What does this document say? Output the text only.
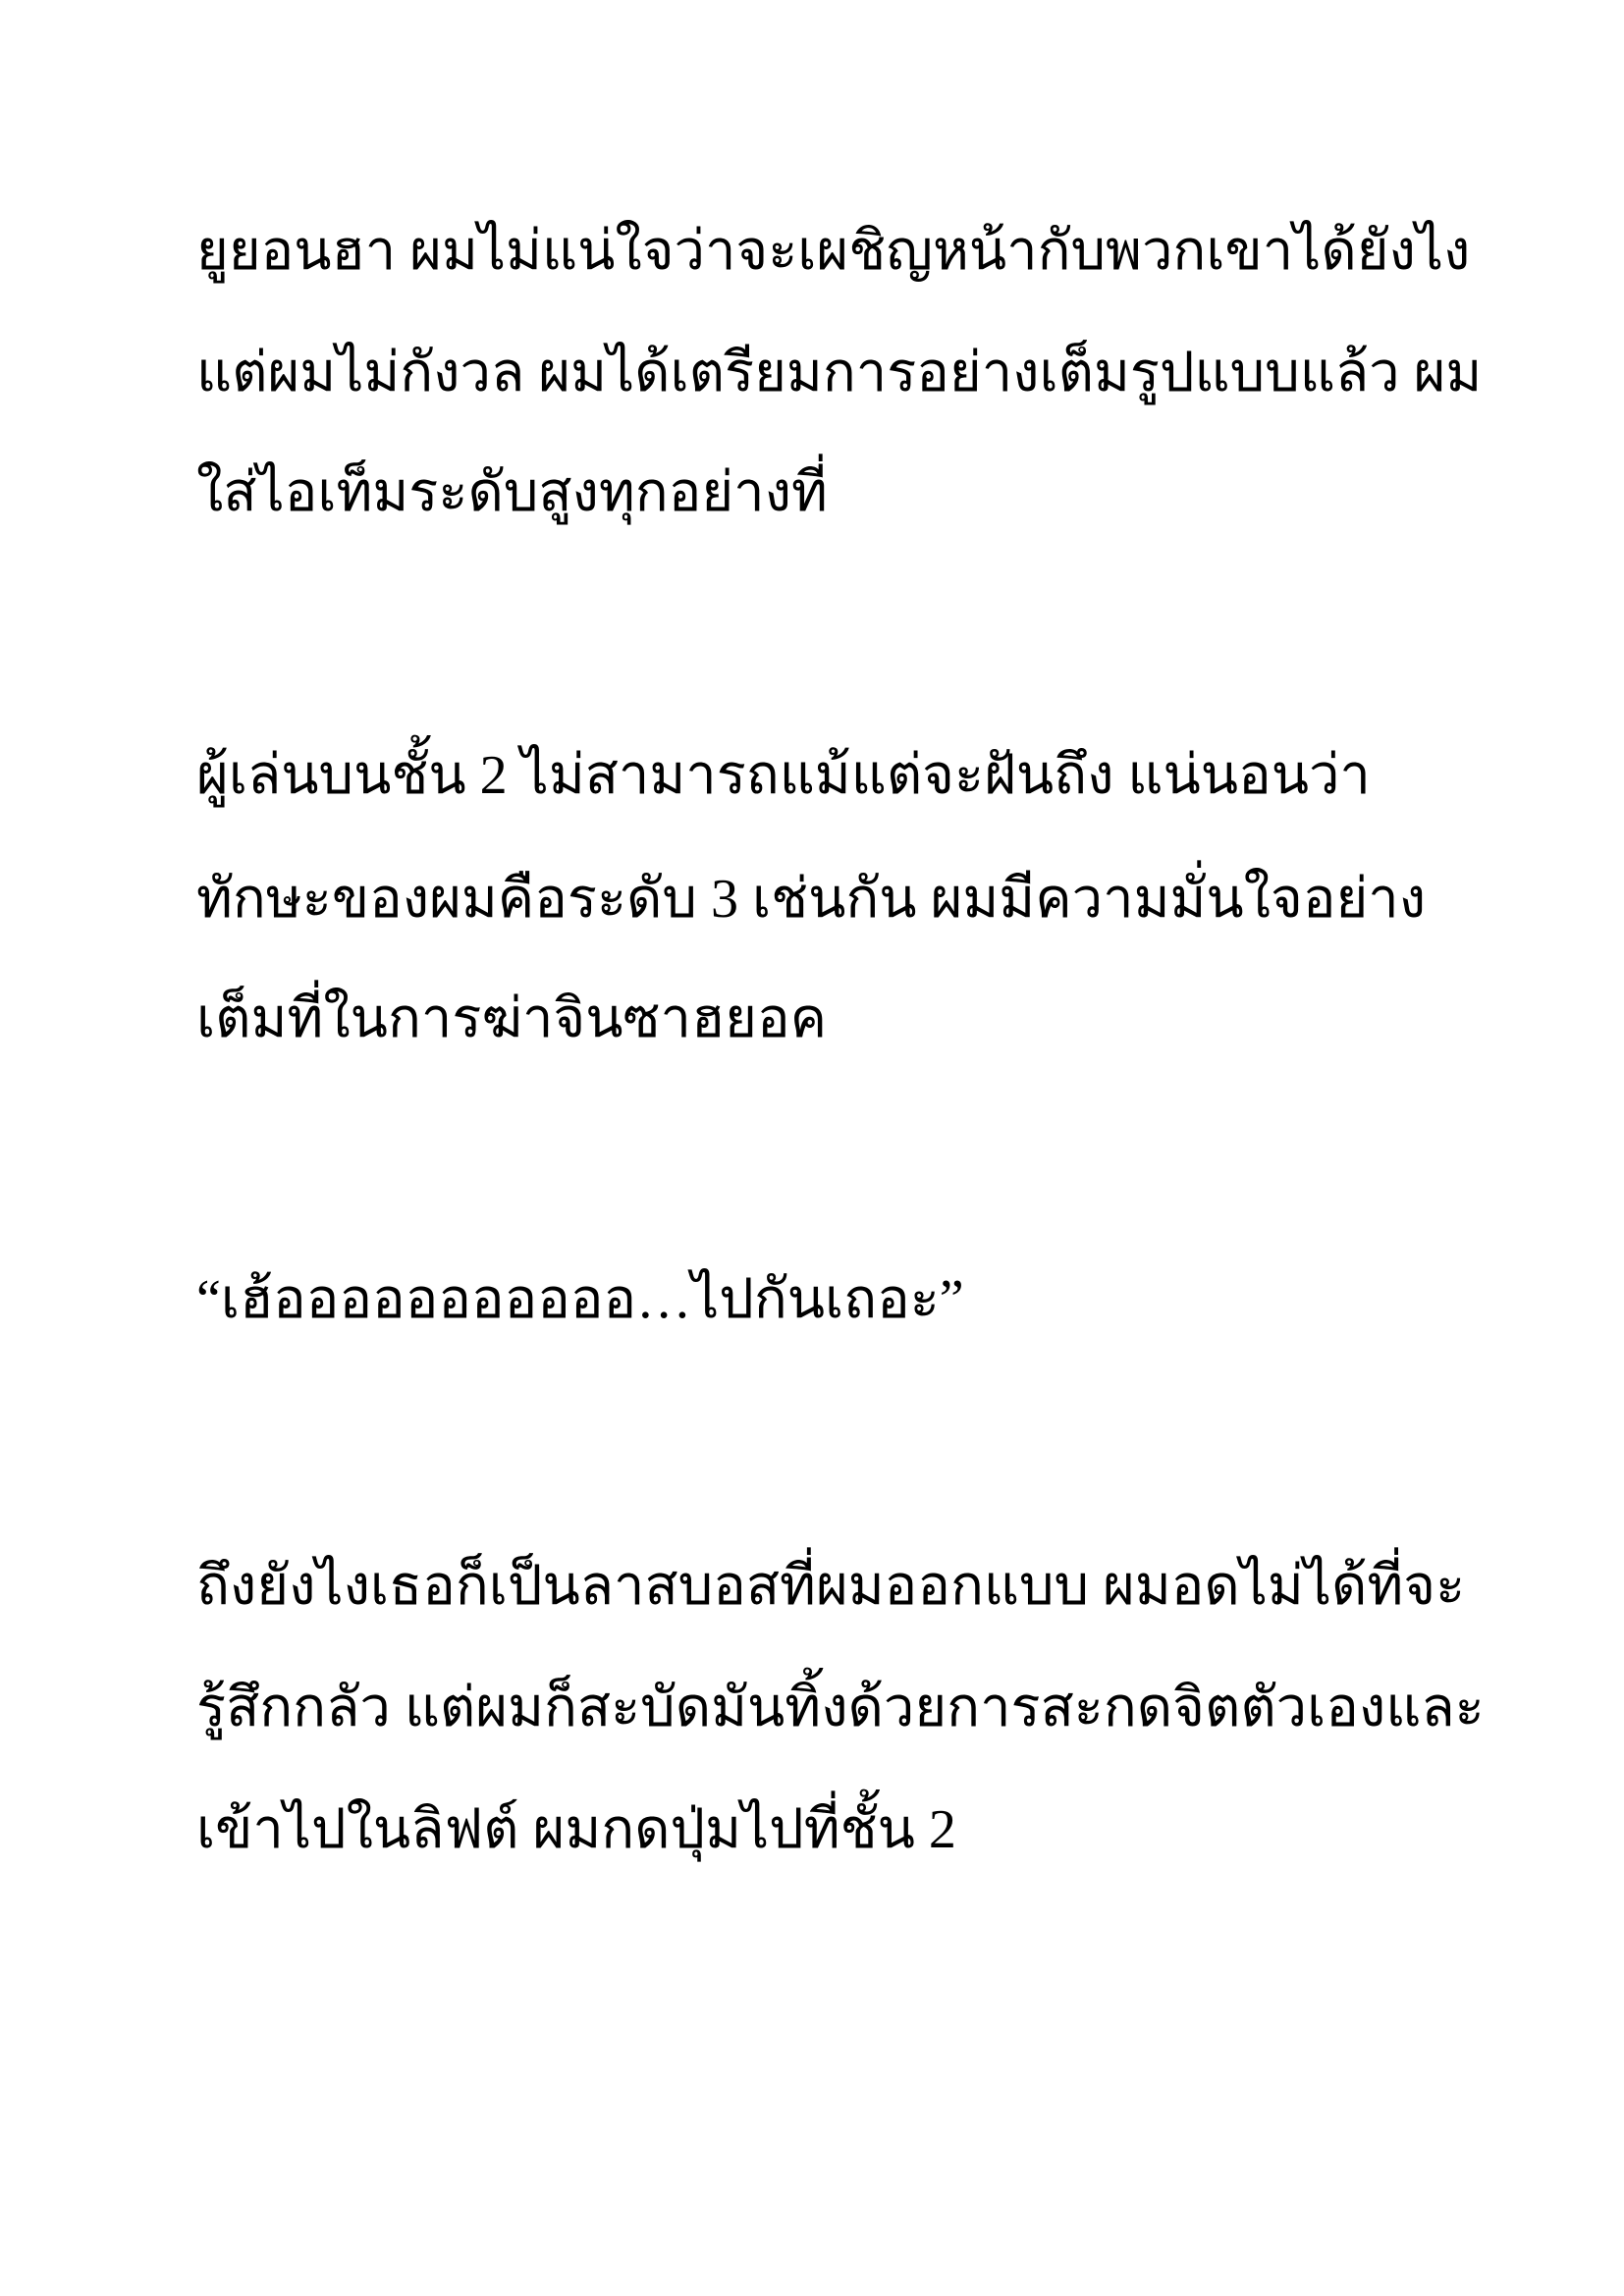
ยูยอนฮา ผมไม่แน่ใจว่าจะเผชิญหน้ากับพวกเขาได้ยังไง

แต่ผมไม่กังวล ผมได้เตรียมการอย่างเต็มรูปแบบแล้ว ผม

ใส่ไอเท็มระดับสูงทุกอย่างที่

ผู้เล่นบนชั้น 2 ไม่สามารถแม้แต่จะฝันถึง แน่นอนว่า

ทักษะของผมคือระดับ 3 เช่นกัน ผมมีความมั่นใจอย่าง

เต็มที่ในการฆ่าจินซาฮยอค

“เฮ้อออออออออออ…ไปกันเถอะ”

ถึงยังไงเธอก็เป็นลาสบอสที่ผมออกแบบ ผมอดไม่ได้ที่จะ

รู้สึกกลัว แต่ผมก็สะบัดมันทิ้งด้วยการสะกดจิตตัวเองและ

เข้าไปในลิฟต์ ผมกดปุ่มไปที่ชั้น 2
